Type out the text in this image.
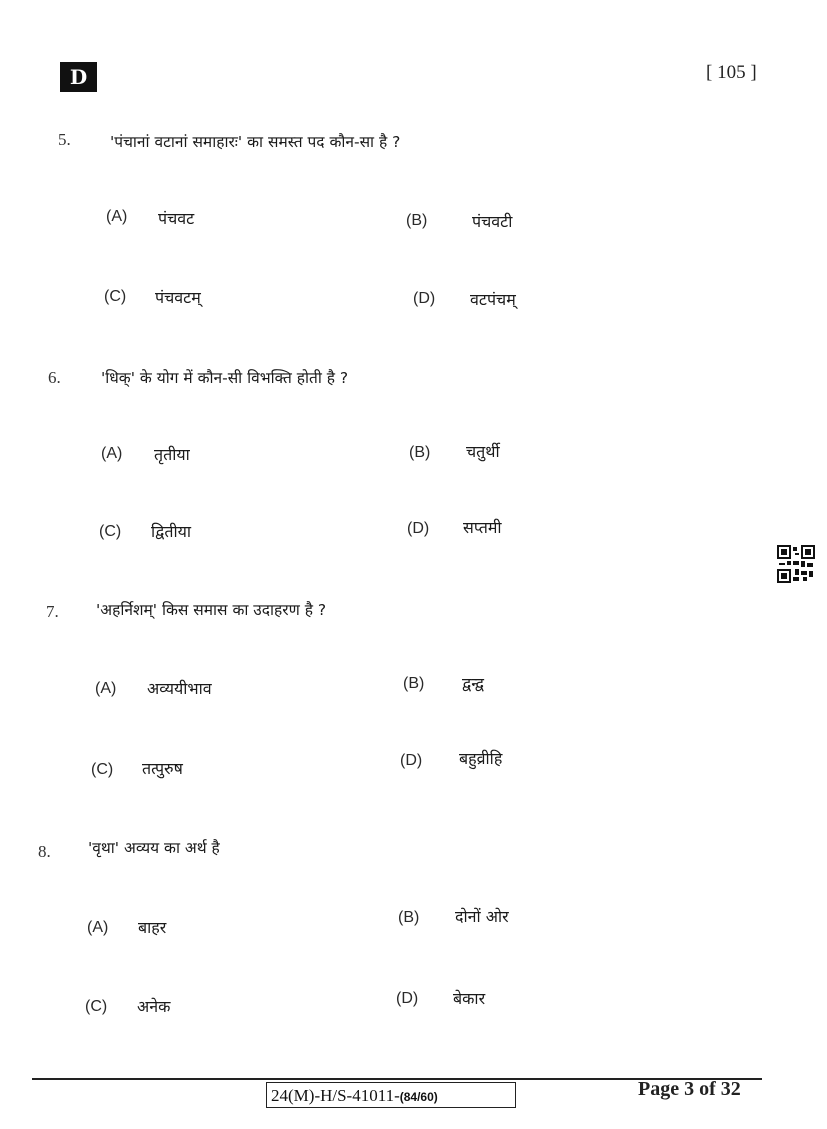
D	[ 105 ]
5.	'पंचानां वटानां समाहारः' का समस्त पद कौन-सा है ?
(A) पंचवट	(B)	पंचवटी
(C) पंचवटम्	(D) वटपंचम्
6.	'धिक्' के योग में कौन-सी विभक्ति होती है ?
(A) तृतीया	(B) चतुर्थी
(C) द्वितीया	(D) सप्तमी
7. 'अहर्निशम्' किस समास का उदाहरण है ?
(A) अव्ययीभाव	(B) द्वन्द्व
(C) तत्पुरुष	(D) बहुव्रीहि
8. 'वृथा' अव्यय का अर्थ है
(A) बाहर
(B) दोनों ओर
(C) अनेक	(D) बेकार
24(M)-H/S-41011-(84/60)	Page 3 of 32
